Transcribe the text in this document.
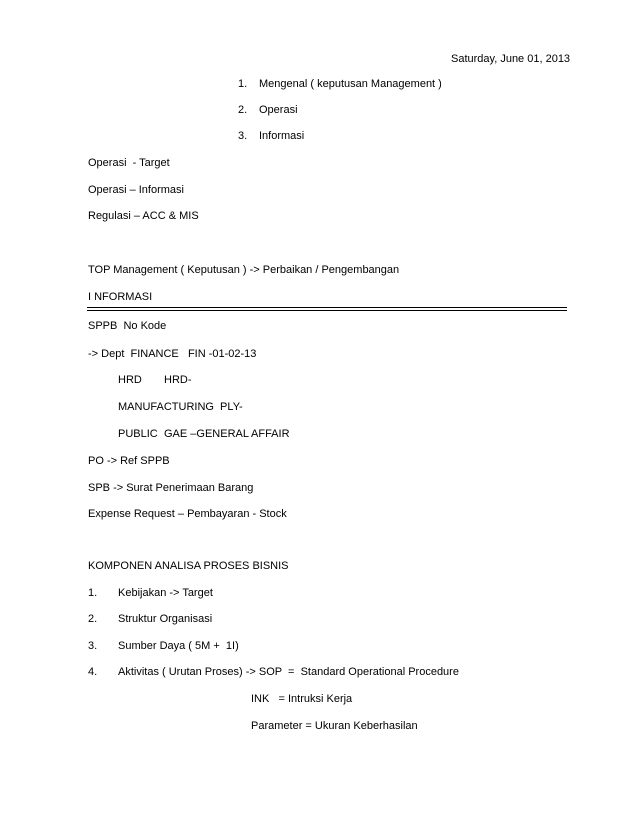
Saturday, June 01, 2013
1. Mengenal ( keputusan Management )
2. Operasi
3. Informasi
Operasi  - Target
Operasi – Informasi
Regulasi – ACC & MIS
TOP Management ( Keputusan ) -> Perbaikan / Pengembangan
I NFORMASI
SPPB  No Kode
-> Dept  FINANCE   FIN -01-02-13
HRD HRD-
MANUFACTURING  PLY-
PUBLIC GAE –GENERAL AFFAIR
PO -> Ref SPPB
SPB -> Surat Penerimaan Barang
Expense Request – Pembayaran - Stock
KOMPONEN ANALISA PROSES BISNIS
1. Kebijakan -> Target
2. Struktur Organisasi
3. Sumber Daya ( 5M +  1I)
4. Aktivitas ( Urutan Proses) -> SOP  =  Standard Operational Procedure
INK   = Intruksi Kerja
Parameter = Ukuran Keberhasilan
